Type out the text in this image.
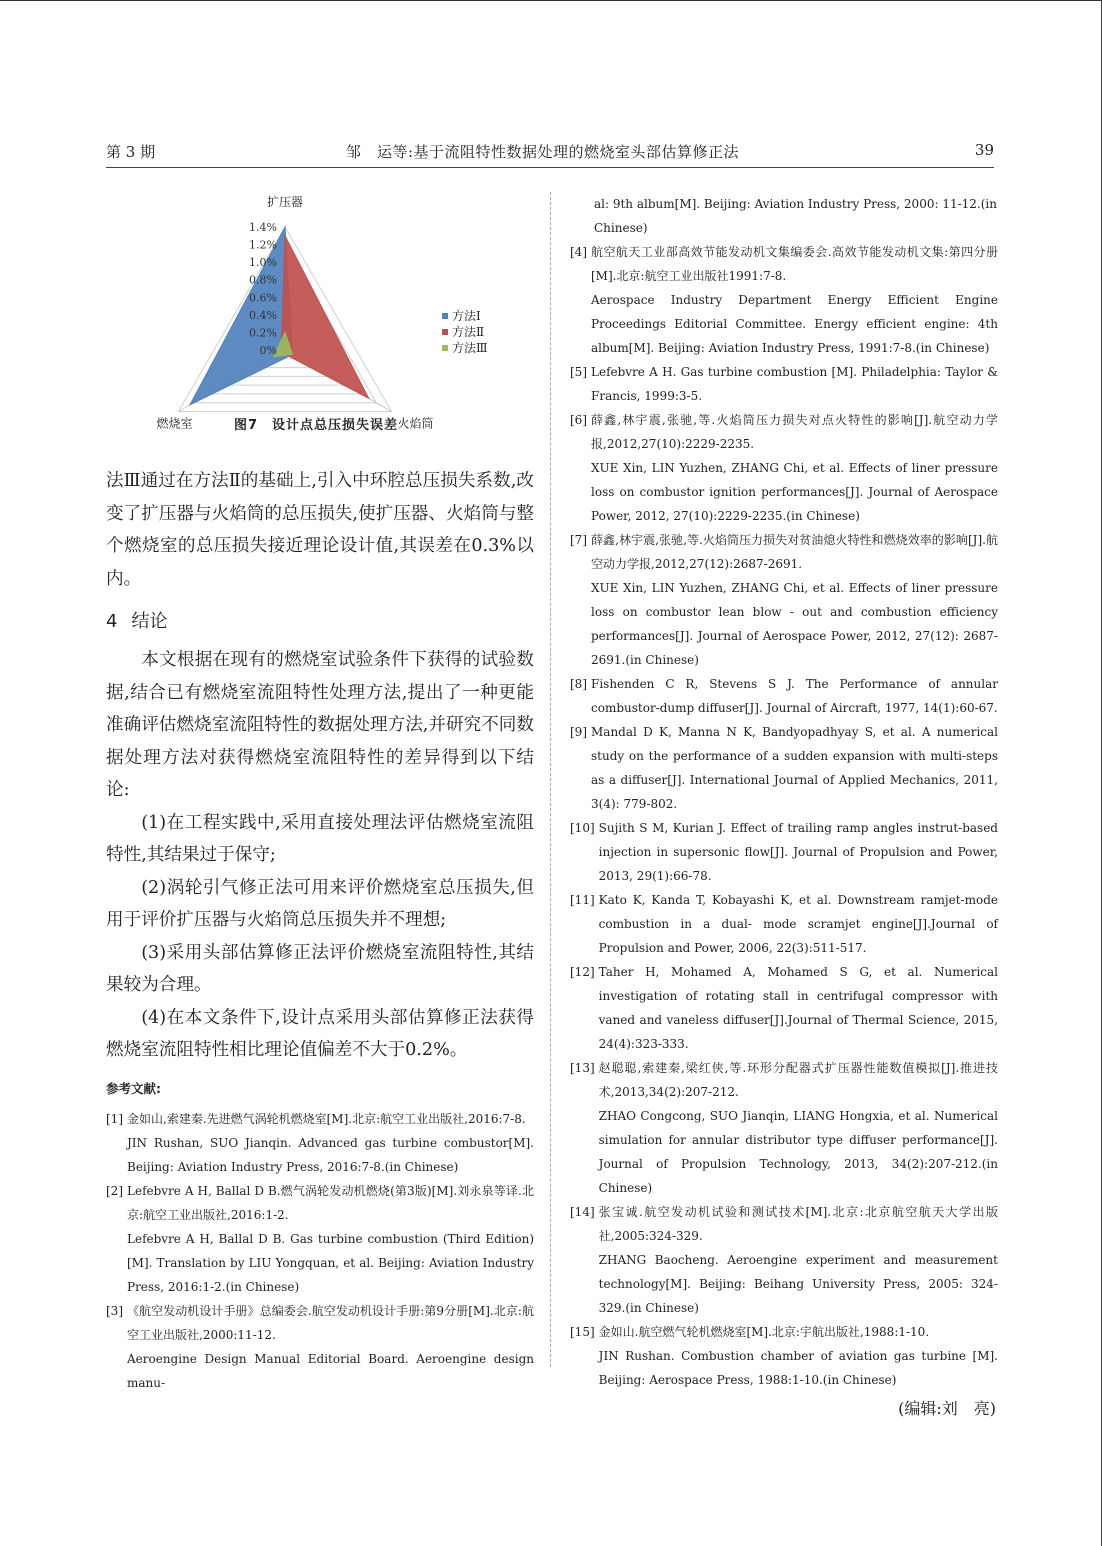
第 3 期	邹　运等:基于流阻特性数据处理的燃烧室头部估算修正法	39
1.4%
1.2%
1.0%
0.8%
0.6%
0.4%
0.2%
0%
扩压器
火焰筒
燃烧室
方法Ⅰ
方法Ⅱ
方法Ⅲ
图7　设计点总压损失误差

法Ⅲ通过在方法Ⅱ的基础上,引入中环腔总压损失系数,改变了扩压器与火焰筒的总压损失,使扩压器、火焰筒与整个燃烧室的总压损失接近理论设计值,其误差在0.3%以内。

4 结论

本文根据在现有的燃烧室试验条件下获得的试验数据,结合已有燃烧室流阻特性处理方法,提出了一种更能准确评估燃烧室流阻特性的数据处理方法,并研究不同数据处理方法对获得燃烧室流阻特性的差异得到以下结论:

(1)在工程实践中,采用直接处理法评估燃烧室流阻特性,其结果过于保守;

(2)涡轮引气修正法可用来评价燃烧室总压损失,但用于评价扩压器与火焰筒总压损失并不理想;

(3)采用头部估算修正法评价燃烧室流阻特性,其结果较为合理。

(4)在本文条件下,设计点采用头部估算修正法获得燃烧室流阻特性相比理论值偏差不大于0.2%。

参考文献:
[1] 金如山,索建秦.先进燃气涡轮机燃烧室[M].北京:航空工业出版社,2016:7-8.
JIN Rushan, SUO Jianqin. Advanced gas turbine combustor[M]. Beijing: Aviation Industry Press, 2016:7-8.(in Chinese)
[2] Lefebvre A H, Ballal D B.燃气涡轮发动机燃烧(第3版)[M].刘永泉等译.北京:航空工业出版社,2016:1-2.
Lefebvre A H, Ballal D B. Gas turbine combustion (Third Edition) [M]. Translation by LIU Yongquan, et al. Beijing: Aviation Industry Press, 2016:1-2.(in Chinese)
[3] 《航空发动机设计手册》总编委会.航空发动机设计手册:第9分册[M].北京:航空工业出版社,2000:11-12.
Aeroengine Design Manual Editorial Board. Aeroengine design manu-
al: 9th album[M]. Beijing: Aviation Industry Press, 2000: 11-12.(in Chinese)
[4] 航空航天工业部高效节能发动机文集编委会.高效节能发动机文集:第四分册[M].北京:航空工业出版社1991:7-8.
Aerospace Industry Department Energy Efficient Engine Proceedings Editorial Committee. Energy efficient engine: 4th album[M]. Beijing: Aviation Industry Press, 1991:7-8.(in Chinese)
[5] Lefebvre A H. Gas turbine combustion [M]. Philadelphia: Taylor & Francis, 1999:3-5.
[6] 薛鑫,林宇震,张驰,等.火焰筒压力损失对点火特性的影响[J].航空动力学报,2012,27(10):2229-2235.
XUE Xin, LIN Yuzhen, ZHANG Chi, et al. Effects of liner pressure loss on combustor ignition performances[J]. Journal of Aerospace Power, 2012, 27(10):2229-2235.(in Chinese)
[7] 薛鑫,林宇震,张驰,等.火焰筒压力损失对贫油熄火特性和燃烧效率的影响[J].航空动力学报,2012,27(12):2687-2691.
XUE Xin, LIN Yuzhen, ZHANG Chi, et al. Effects of liner pressure loss on combustor lean blow - out and combustion efficiency performances[J]. Journal of Aerospace Power, 2012, 27(12): 2687-2691.(in Chinese)
[8] Fishenden C R, Stevens S J. The Performance of annular combustor-dump diffuser[J]. Journal of Aircraft, 1977, 14(1):60-67.
[9] Mandal D K, Manna N K, Bandyopadhyay S, et al. A numerical study on the performance of a sudden expansion with multi-steps as a diffuser[J]. International Journal of Applied Mechanics, 2011, 3(4): 779-802.
[10] Sujith S M, Kurian J. Effect of trailing ramp angles instrut-based injection in supersonic flow[J]. Journal of Propulsion and Power, 2013, 29(1):66-78.
[11] Kato K, Kanda T, Kobayashi K, et al. Downstream ramjet-mode combustion in a dual- mode scramjet engine[J].Journal of Propulsion and Power, 2006, 22(3):511-517.
[12] Taher H, Mohamed A, Mohamed S G, et al. Numerical investigation of rotating stall in centrifugal compressor with vaned and vaneless diffuser[J].Journal of Thermal Science, 2015, 24(4):323-333.
[13] 赵聪聪,索建秦,梁红侠,等.环形分配器式扩压器性能数值模拟[J].推进技术,2013,34(2):207-212.
ZHAO Congcong, SUO Jianqin, LIANG Hongxia, et al. Numerical simulation for annular distributor type diffuser performance[J]. Journal of Propulsion Technology, 2013, 34(2):207-212.(in Chinese)
[14] 张宝诚.航空发动机试验和测试技术[M].北京:北京航空航天大学出版社,2005:324-329.
ZHANG Baocheng. Aeroengine experiment and measurement technology[M]. Beijing: Beihang University Press, 2005: 324-329.(in Chinese)
[15] 金如山.航空燃气轮机燃烧室[M].北京:宇航出版社,1988:1-10.
JIN Rushan. Combustion chamber of aviation gas turbine [M]. Beijing: Aerospace Press, 1988:1-10.(in Chinese)
(编辑:刘　亮)
